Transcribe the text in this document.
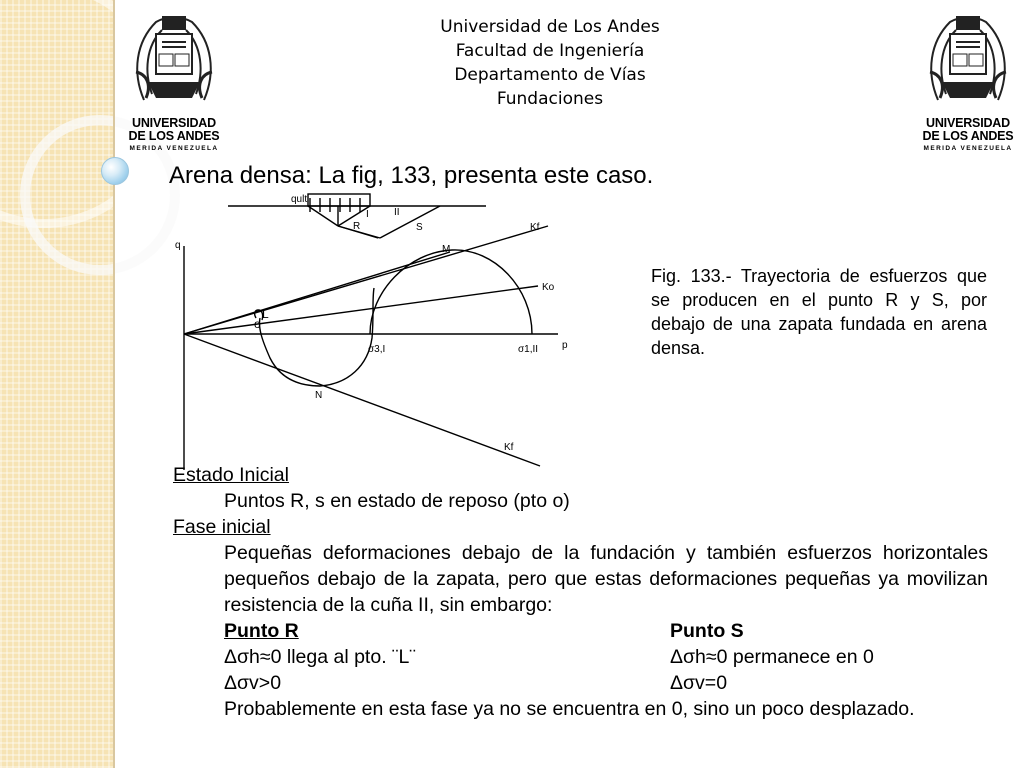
UNIVERSIDAD
DE LOS ANDES
MERIDA VENEZUELA
UNIVERSIDAD
DE LOS ANDES
MERIDA VENEZUELA
Universidad de Los Andes
Facultad de Ingeniería
Departamento de Vías
Fundaciones
Arena densa: La fig, 133, presenta este caso.
qult
I	II
R	S
q
p
Kf
Kf
Ko
M
L
o
N
σ3,I	σ1,II
Fig. 133.- Trayectoria de esfuerzos que se producen en el punto R y S, por debajo de una zapata fundada en arena densa.
Estado Inicial
Puntos R, s en estado de reposo (pto o)
Fase inicial
Pequeñas deformaciones debajo de la fundación y también esfuerzos horizontales pequeños debajo de la zapata, pero que estas deformaciones pequeñas ya movilizan resistencia de la cuña II, sin embargo:
Punto R	Punto S
Δσh≈0 llega al pto. ¨L¨	Δσh≈0 permanece en 0
Δσv>0	Δσv=0
Probablemente en esta fase ya no se encuentra en 0, sino un poco desplazado.
